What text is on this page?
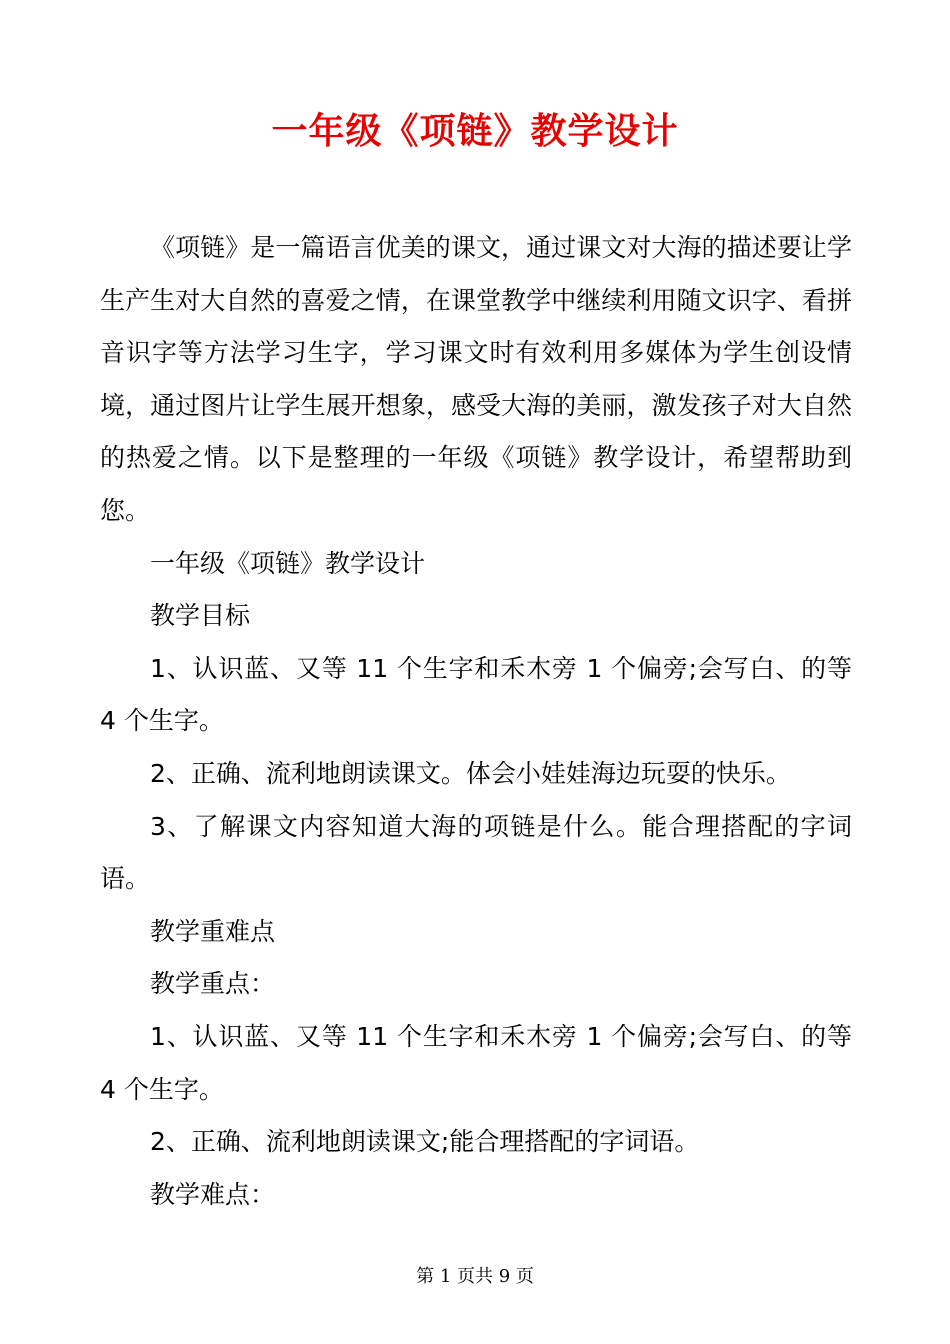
一年级《项链》教学设计

《项链》是一篇语言优美的课文，通过课文对大海的描述要让学生产生对大自然的喜爱之情，在课堂教学中继续利用随文识字、看拼音识字等方法学习生字，学习课文时有效利用多媒体为学生创设情境，通过图片让学生展开想象，感受大海的美丽，激发孩子对大自然的热爱之情。以下是整理的一年级《项链》教学设计，希望帮助到您。

一年级《项链》教学设计

教学目标

1、认识蓝、又等 11 个生字和禾木旁 1 个偏旁;会写白、的等 4 个生字。

2、正确、流利地朗读课文。体会小娃娃海边玩耍的快乐。

3、了解课文内容知道大海的项链是什么。能合理搭配的字词语。

教学重难点

教学重点：

1、认识蓝、又等 11 个生字和禾木旁 1 个偏旁;会写白、的等 4 个生字。

2、正确、流利地朗读课文;能合理搭配的字词语。

教学难点：

第 1 页共 9 页
